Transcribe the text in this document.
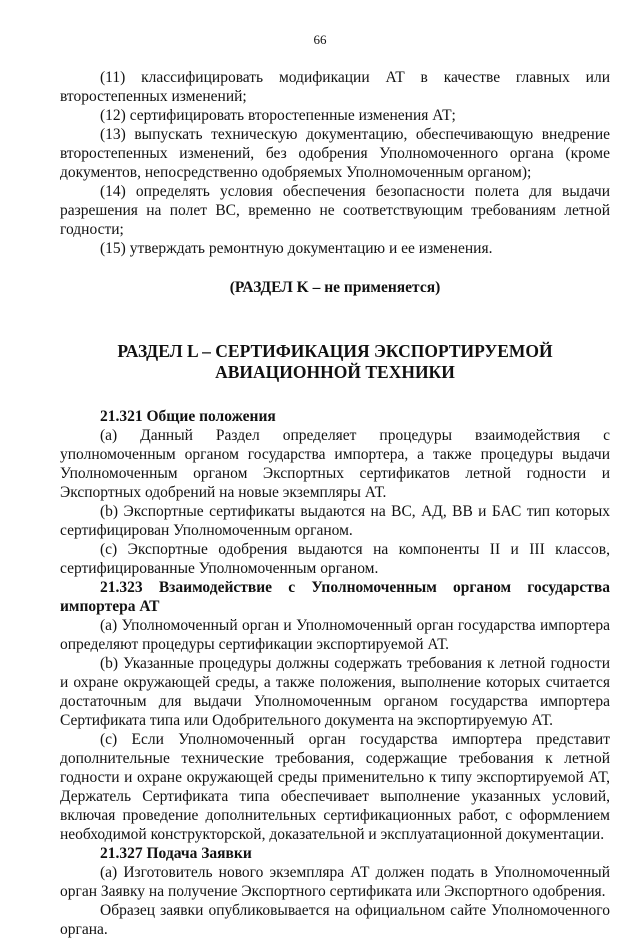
66

(11) классифицировать модификации АТ в качестве главных или второстепенных изменений;

(12) сертифицировать второстепенные изменения АТ;

(13) выпускать техническую документацию, обеспечивающую внедрение второстепенных изменений, без одобрения Уполномоченного органа (кроме документов, непосредственно одобряемых Уполномоченным органом);

(14) определять условия обеспечения безопасности полета для выдачи разрешения на полет ВС, временно не соответствующим требованиям летной годности;

(15) утверждать ремонтную документацию и ее изменения.

(РАЗДЕЛ K – не применяется)

РАЗДЕЛ L – СЕРТИФИКАЦИЯ ЭКСПОРТИРУЕМОЙ АВИАЦИОННОЙ ТЕХНИКИ

21.321 Общие положения

(a) Данный Раздел определяет процедуры взаимодействия с уполномоченным органом государства импортера, а также процедуры выдачи Уполномоченным органом Экспортных сертификатов летной годности и Экспортных одобрений на новые экземпляры АТ.

(b) Экспортные сертификаты выдаются на ВС, АД, ВВ и БАС тип которых сертифицирован Уполномоченным органом.

(c) Экспортные одобрения выдаются на компоненты II и III классов, сертифицированные Уполномоченным органом.

21.323 Взаимодействие с Уполномоченным органом государства импортера АТ

(a) Уполномоченный орган и Уполномоченный орган государства импортера определяют процедуры сертификации экспортируемой АТ.

(b) Указанные процедуры должны содержать требования к летной годности и охране окружающей среды, а также положения, выполнение которых считается достаточным для выдачи Уполномоченным органом государства импортера Сертификата типа или Одобрительного документа на экспортируемую АТ.

(c) Если Уполномоченный орган государства импортера представит дополнительные технические требования, содержащие требования к летной годности и охране окружающей среды применительно к типу экспортируемой АТ, Держатель Сертификата типа обеспечивает выполнение указанных условий, включая проведение дополнительных сертификационных работ, с оформлением необходимой конструкторской, доказательной и эксплуатационной документации.

21.327 Подача Заявки

(a) Изготовитель нового экземпляра АТ должен подать в Уполномоченный орган Заявку на получение Экспортного сертификата или Экспортного одобрения.

Образец заявки опубликовывается на официальном сайте Уполномоченного органа.
